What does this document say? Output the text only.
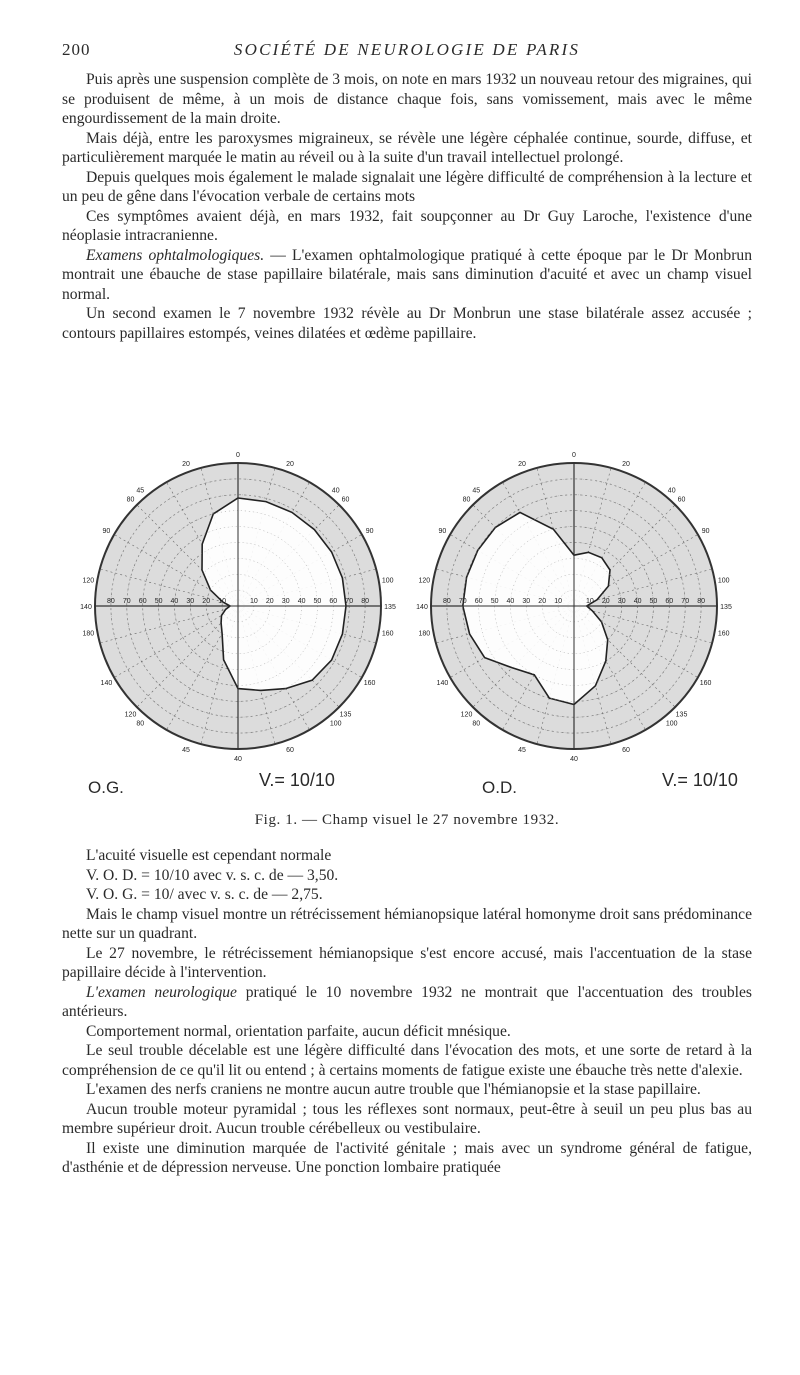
200	SOCIÉTÉ DE NEUROLOGIE DE PARIS

Puis après une suspension complète de 3 mois, on note en mars 1932 un nouveau retour des migraines, qui se produisent de même, à un mois de distance chaque fois, sans vomissement, mais avec le même engourdissement de la main droite.

Mais déjà, entre les paroxysmes migraineux, se révèle une légère céphalée continue, sourde, diffuse, et particulièrement marquée le matin au réveil ou à la suite d'un travail intellectuel prolongé.

Depuis quelques mois également le malade signalait une légère difficulté de compréhension à la lecture et un peu de gêne dans l'évocation verbale de certains mots

Ces symptômes avaient déjà, en mars 1932, fait soupçonner au Dr Guy Laroche, l'existence d'une néoplasie intracranienne.

Examens ophtalmologiques. — L'examen ophtalmologique pratiqué à cette époque par le Dr Monbrun montrait une ébauche de stase papillaire bilatérale, mais sans diminution d'acuité et avec un champ visuel normal.

Un second examen le 7 novembre 1932 révèle au Dr Monbrun une stase bilatérale assez accusée ; contours papillaires estompés, veines dilatées et œdème papillaire.

0
20
20
40
45
60
80
90
90
100
120
135
140
160
180
160
140
135
120
100
80
60
45
40
80	80
70	70
60	60
50	50
40	40
30	30
20	20
10	10
0
20
20
40
45
60
80
90
90
100
120
135
140
160
180
160
140
135
120
100
80
60
45
40
80	80
70	70
60	60
50	50
40	40
30	30
20	20
10	10
O.G.	V.= 10/10	O.D.	V.= 10/10
Fig. 1. — Champ visuel le 27 novembre 1932.

L'acuité visuelle est cependant normale

V. O. D. = 10/10 avec v. s. c. de — 3,50.

V. O. G. = 10/ avec v. s. c. de — 2,75.

Mais le champ visuel montre un rétrécissement hémianopsique latéral homonyme droit sans prédominance nette sur un quadrant.

Le 27 novembre, le rétrécissement hémianopsique s'est encore accusé, mais l'accentuation de la stase papillaire décide à l'intervention.

L'examen neurologique pratiqué le 10 novembre 1932 ne montrait que l'accentuation des troubles antérieurs.

Comportement normal, orientation parfaite, aucun déficit mnésique.

Le seul trouble décelable est une légère difficulté dans l'évocation des mots, et une sorte de retard à la compréhension de ce qu'il lit ou entend ; à certains moments de fatigue existe une ébauche très nette d'alexie.

L'examen des nerfs craniens ne montre aucun autre trouble que l'hémianopsie et la stase papillaire.

Aucun trouble moteur pyramidal ; tous les réflexes sont normaux, peut-être à seuil un peu plus bas au membre supérieur droit. Aucun trouble cérébelleux ou vestibulaire.

Il existe une diminution marquée de l'activité génitale ; mais avec un syndrome général de fatigue, d'asthénie et de dépression nerveuse. Une ponction lombaire pratiquée
